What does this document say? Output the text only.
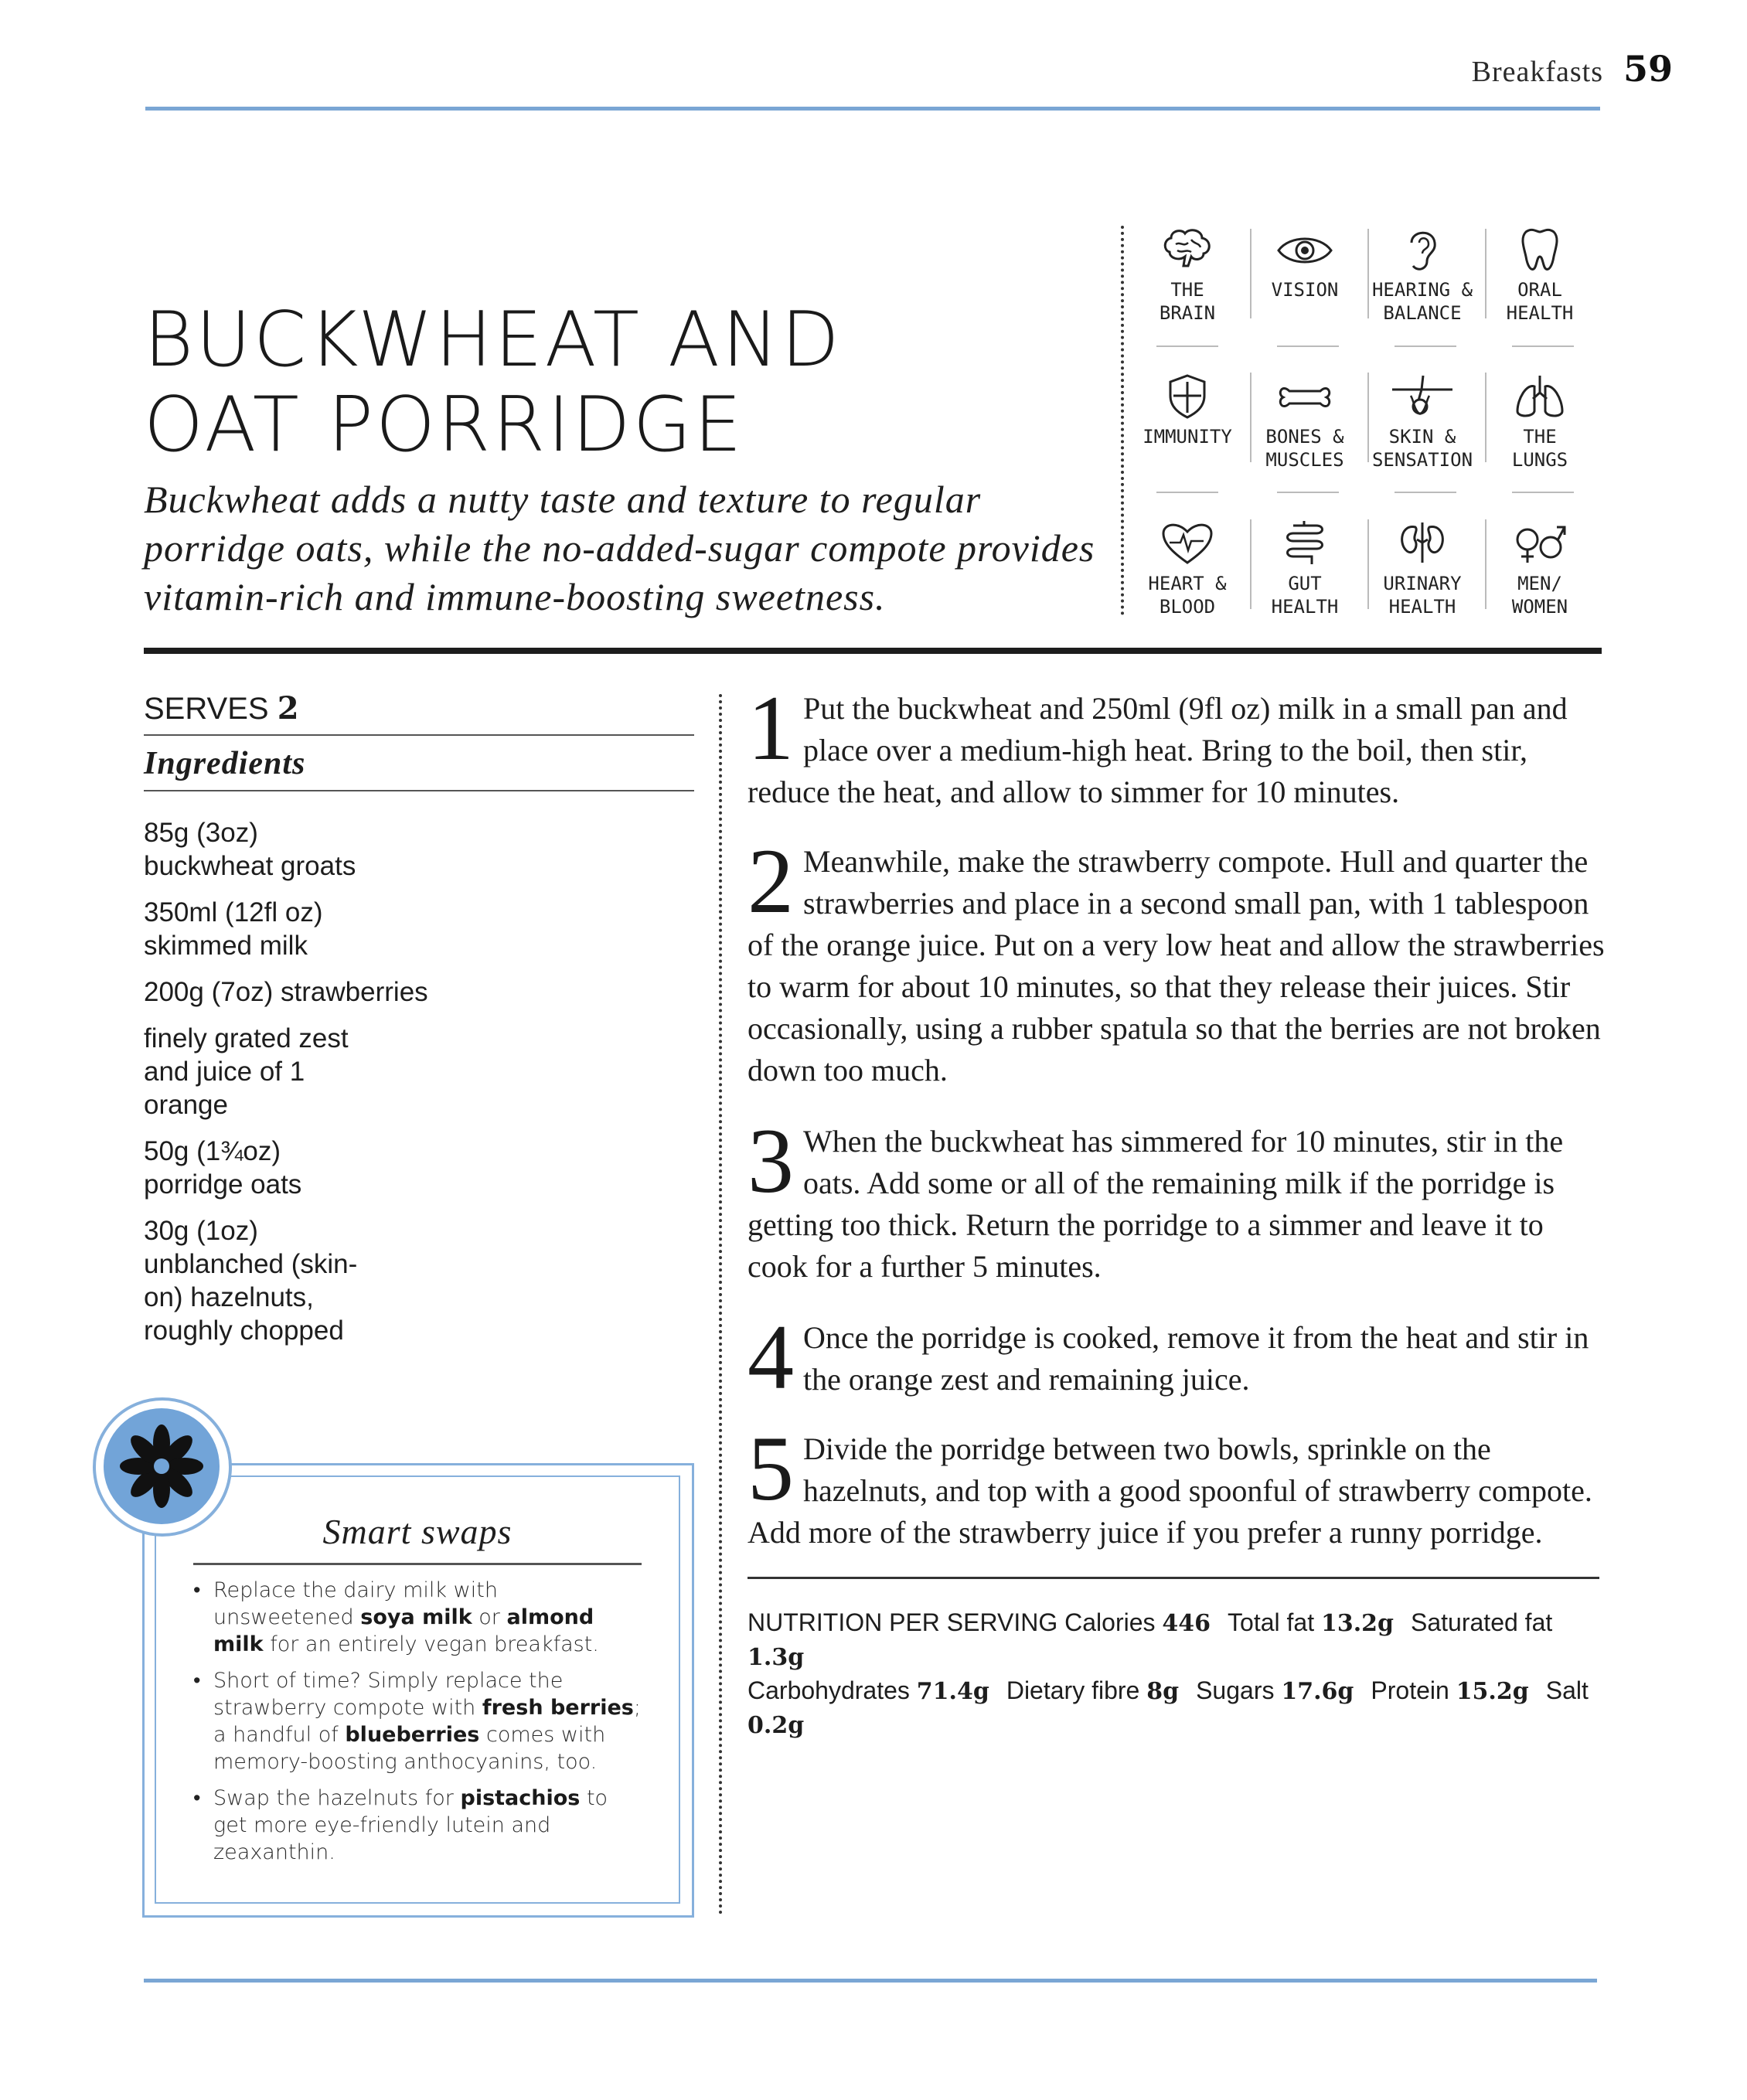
Breakfasts 59
BUCKWHEAT AND
OAT PORRIDGE

Buckwheat adds a nutty taste and texture to regular porridge oats, while the no-added-sugar compote provides vitamin-rich and immune-boosting sweetness.

THE
BRAIN
VISION	HEARING &
BALANCE
ORAL
HEALTH
IMMUNITY	BONES &
MUSCLES
SKIN &
SENSATION
THE
LUNGS
HEART &
BLOOD
GUT
HEALTH
URINARY
HEALTH
MEN/
WOMEN
SERVES 2
Ingredients
85g (3oz) buckwheat groats
350ml (12fl oz) skimmed milk
200g (7oz) strawberries
finely grated zest and juice of 1 orange
50g (1¾oz) porridge oats
30g (1oz) unblanched (skin-on) hazelnuts, roughly chopped
Smart swaps
• Replace the dairy milk with unsweetened soya milk or almond milk for an entirely vegan breakfast.
• Short of time? Simply replace the strawberry compote with fresh berries; a handful of blueberries comes with memory-boosting anthocyanins, too.
• Swap the hazelnuts for pistachios to get more eye-friendly lutein and zeaxanthin.
1 Put the buckwheat and 250ml (9fl oz) milk in a small pan and place over a medium-high heat. Bring to the boil, then stir, reduce the heat, and allow to simmer for 10 minutes.
2 Meanwhile, make the strawberry compote. Hull and quarter the strawberries and place in a second small pan, with 1 tablespoon of the orange juice. Put on a very low heat and allow the strawberries to warm for about 10 minutes, so that they release their juices. Stir occasionally, using a rubber spatula so that the berries are not broken down too much.
3 When the buckwheat has simmered for 10 minutes, stir in the oats. Add some or all of the remaining milk if the porridge is getting too thick. Return the porridge to a simmer and leave it to cook for a further 5 minutes.
4 Once the porridge is cooked, remove it from the heat and stir in the orange zest and remaining juice.
5 Divide the porridge between two bowls, sprinkle on the hazelnuts, and top with a good spoonful of strawberry compote. Add more of the strawberry juice if you prefer a runny porridge.
NUTRITION PER SERVING Calories 446 Total fat 13.2g Saturated fat 1.3g
Carbohydrates 71.4g Dietary fibre 8g Sugars 17.6g Protein 15.2g Salt 0.2g
